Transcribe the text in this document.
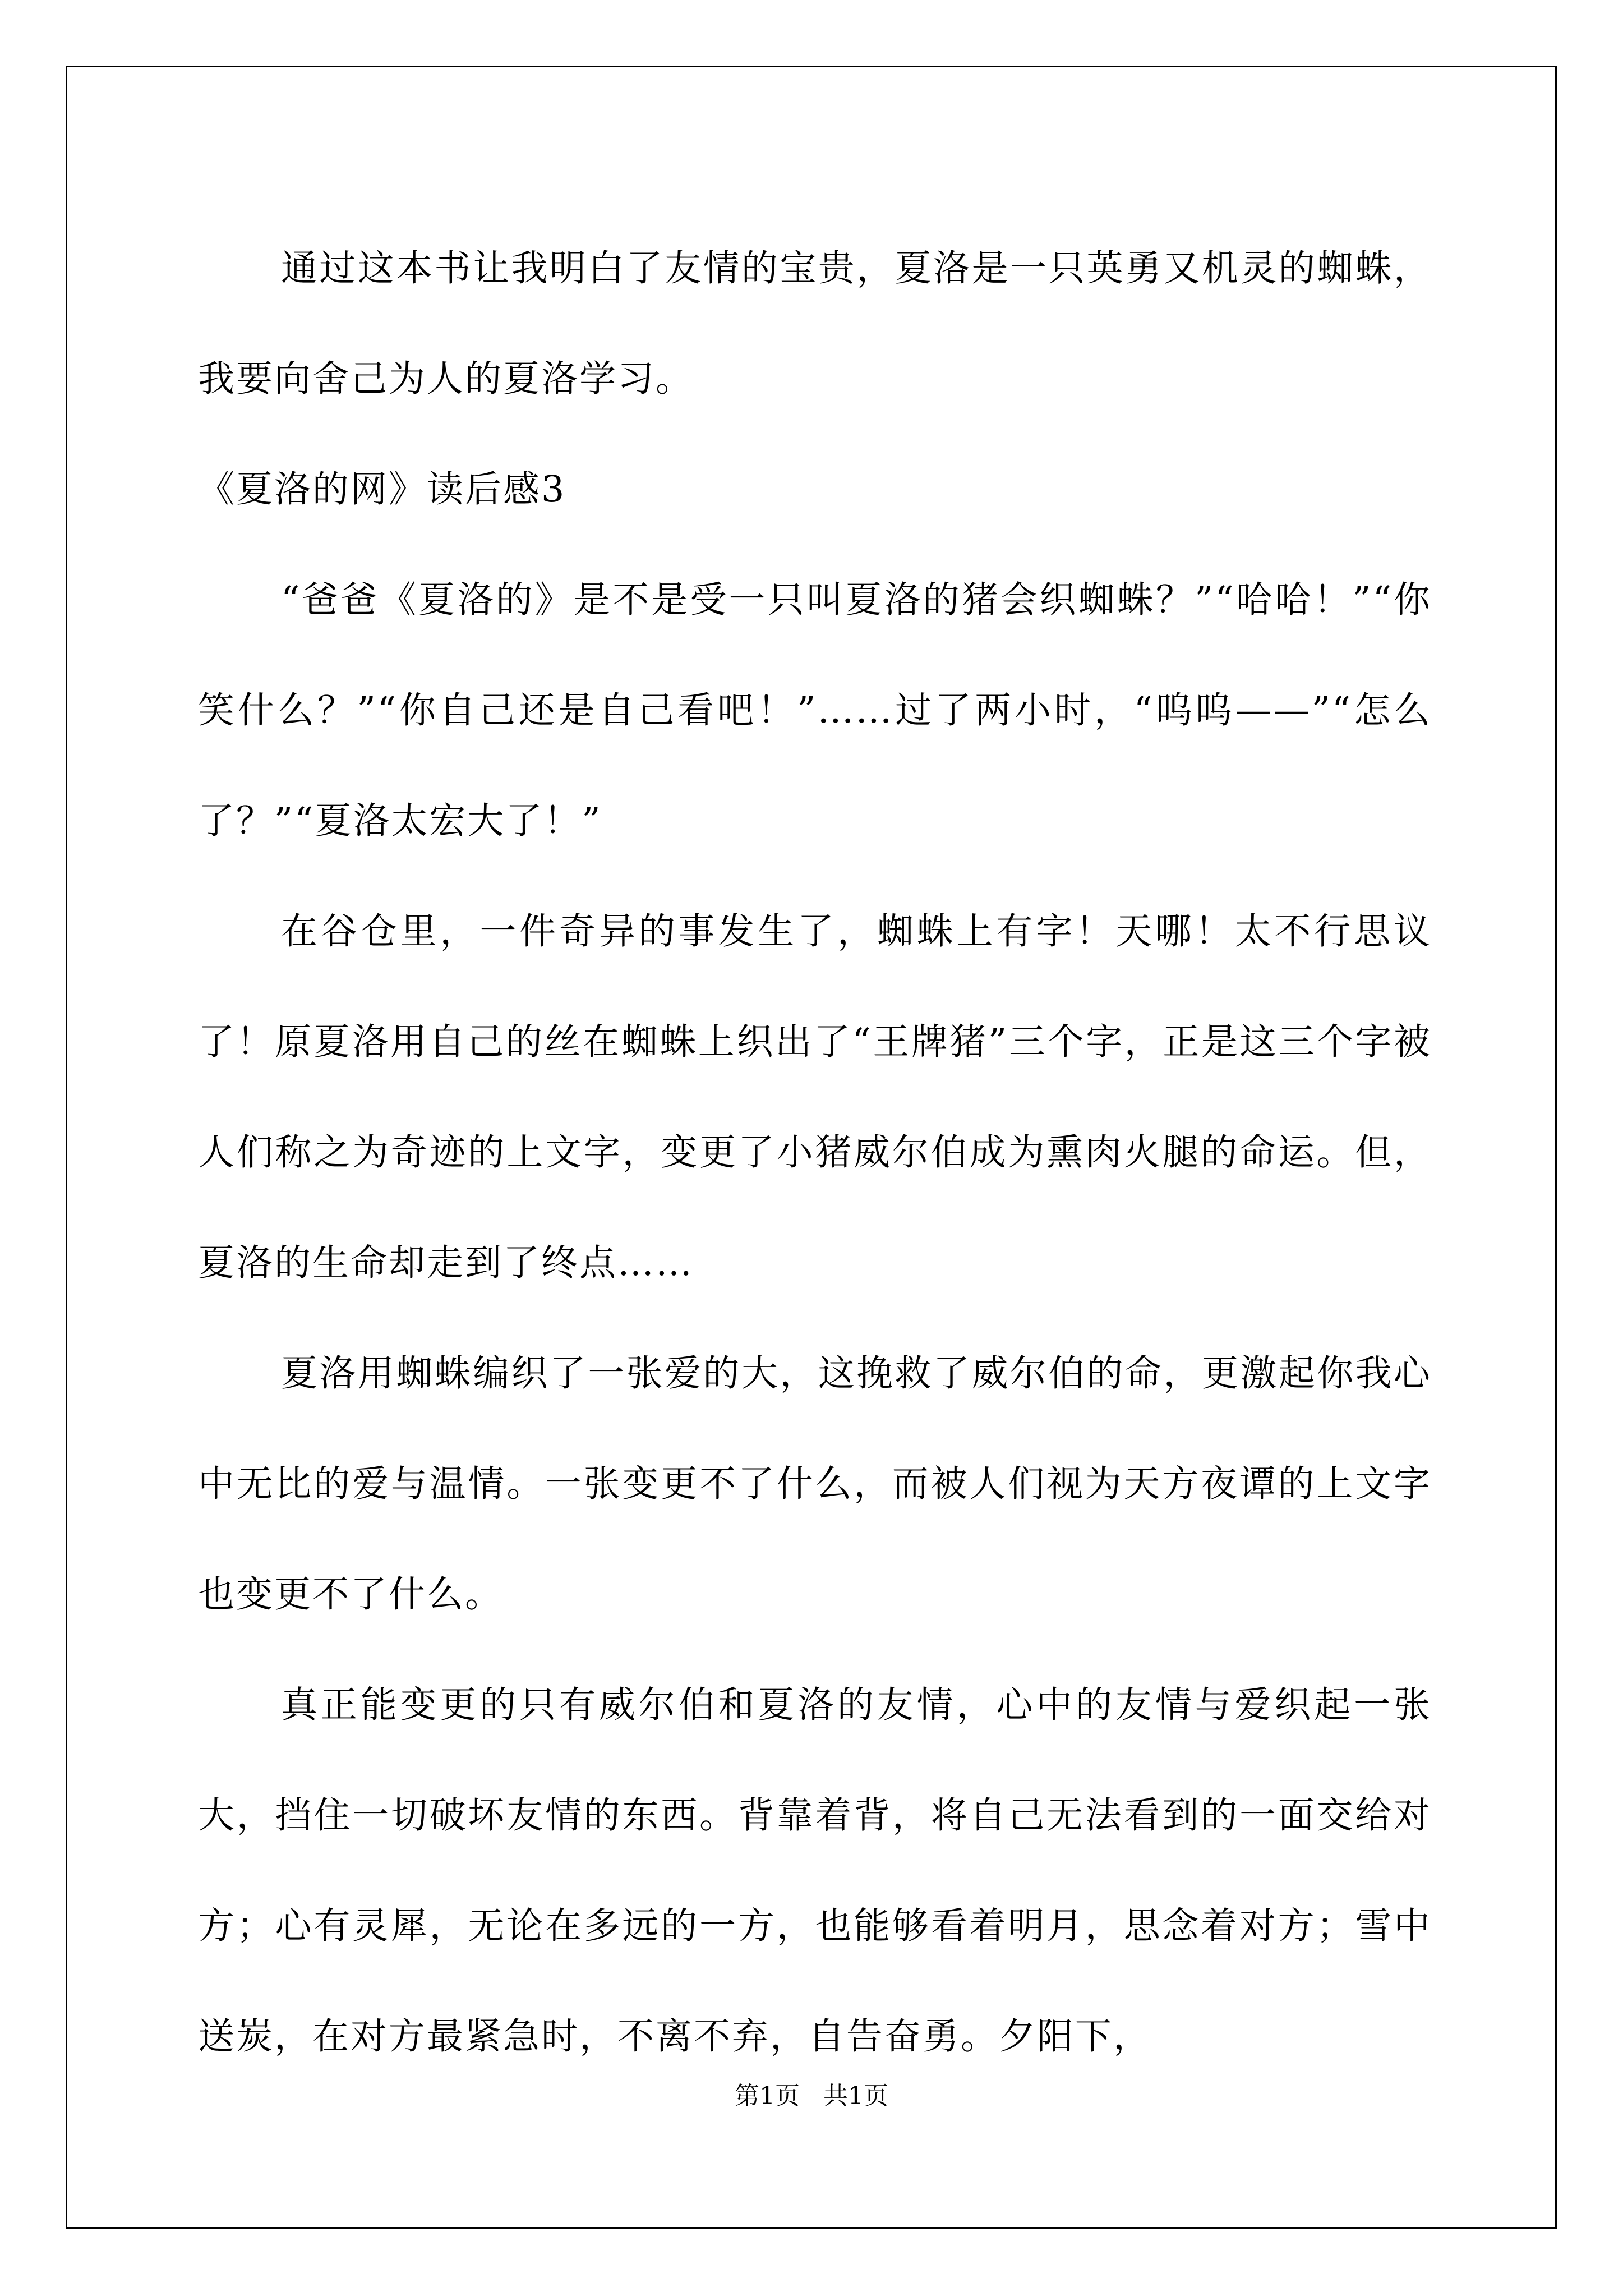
通过这本书让我明白了友情的宝贵，夏洛是一只英勇又机灵的蜘蛛，我要向舍己为人的夏洛学习。

《夏洛的网》读后感3

“爸爸《夏洛的》是不是受一只叫夏洛的猪会织蜘蛛？”“哈哈！”“你笑什么？”“你自己还是自己看吧！”……过了两小时，“呜呜——”“怎么了？”“夏洛太宏大了！”

在谷仓里，一件奇异的事发生了，蜘蛛上有字！天哪！太不行思议了！原夏洛用自己的丝在蜘蛛上织出了“王牌猪”三个字，正是这三个字被人们称之为奇迹的上文字，变更了小猪威尔伯成为熏肉火腿的命运。但，夏洛的生命却走到了终点……

夏洛用蜘蛛编织了一张爱的大，这挽救了威尔伯的命，更激起你我心中无比的爱与温情。一张变更不了什么，而被人们视为天方夜谭的上文字也变更不了什么。

真正能变更的只有威尔伯和夏洛的友情，心中的友情与爱织起一张大，挡住一切破坏友情的东西。背靠着背，将自己无法看到的一面交给对方；心有灵犀，无论在多远的一方，也能够看着明月，思念着对方；雪中送炭，在对方最紧急时，不离不弃，自告奋勇。夕阳下，

第1页 共1页
